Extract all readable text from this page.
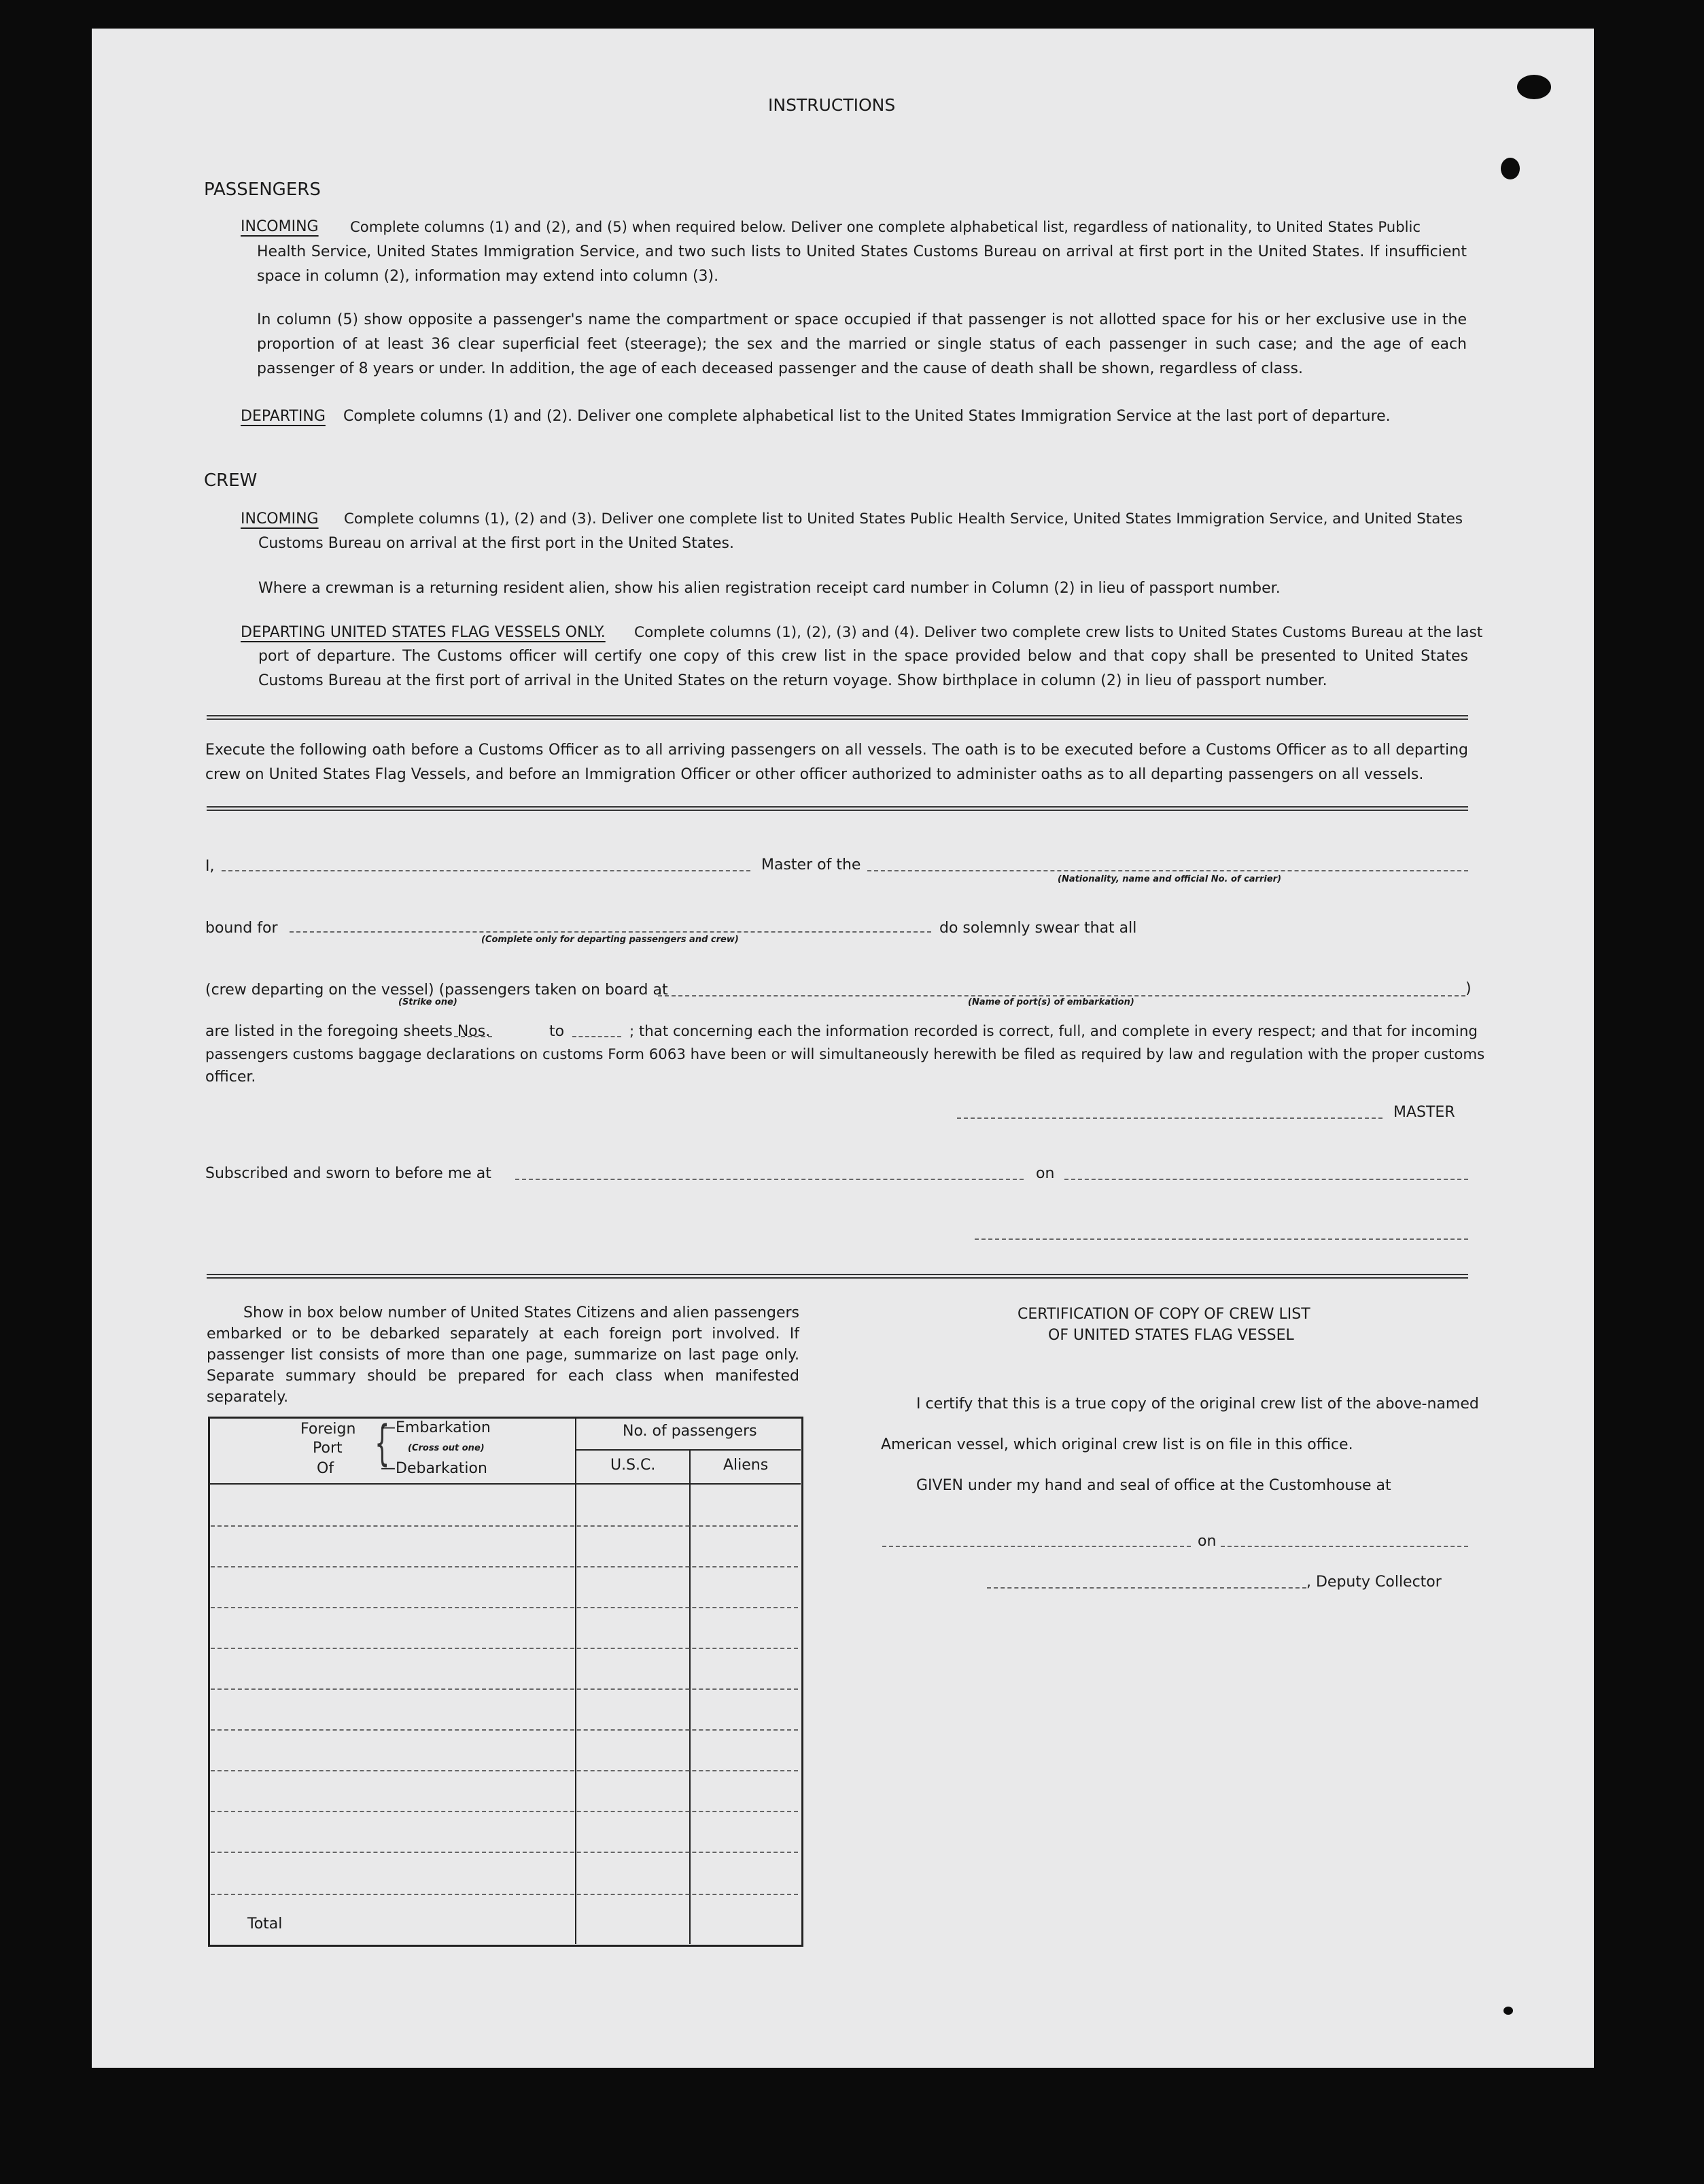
INSTRUCTIONS
PASSENGERS
INCOMING Complete columns (1) and (2), and (5) when required below. Deliver one complete alphabetical list, regardless of nationality, to United States Public
Health Service, United States Immigration Service, and two such lists to United States Customs Bureau on arrival at first port in the United States. If insufficient space in column (2), information may extend into column (3).
In column (5) show opposite a passenger's name the compartment or space occupied if that passenger is not allotted space for his or her exclusive use in the proportion of at least 36 clear superficial feet (steerage); the sex and the married or single status of each passenger in such case; and the age of each passenger of 8 years or under. In addition, the age of each deceased passenger and the cause of death shall be shown, regardless of class.
DEPARTING Complete columns (1) and (2). Deliver one complete alphabetical list to the United States Immigration Service at the last port of departure.
CREW
INCOMING Complete columns (1), (2) and (3). Deliver one complete list to United States Public Health Service, United States Immigration Service, and United States
Customs Bureau on arrival at the first port in the United States.
Where a crewman is a returning resident alien, show his alien registration receipt card number in Column (2) in lieu of passport number.
DEPARTING UNITED STATES FLAG VESSELS ONLY. Complete columns (1), (2), (3) and (4). Deliver two complete crew lists to United States Customs Bureau at the last
port of departure. The Customs officer will certify one copy of this crew list in the space provided below and that copy shall be presented to United States Customs Bureau at the first port of arrival in the United States on the return voyage. Show birthplace in column (2) in lieu of passport number.
Execute the following oath before a Customs Officer as to all arriving passengers on all vessels. The oath is to be executed before a Customs Officer as to all departing crew on United States Flag Vessels, and before an Immigration Officer or other officer authorized to administer oaths as to all departing passengers on all vessels.
I,	Master of the
(Nationality, name and official No. of carrier)
bound for
(Complete only for departing passengers and crew)
do solemnly swear that all
(crew departing on the vessel) (passengers taken on board at	)
(Strike one)	(Name of port(s) of embarkation)
are listed in the foregoing sheets Nos.	to	; that concerning each the information recorded is correct, full, and complete in every respect; and that for incoming
passengers customs baggage declarations on customs Form 6063 have been or will simultaneously herewith be filed as required by law and regulation with the proper customs
officer.
MASTER
Subscribed and sworn to before me at	on
Show in box below number of United States Citizens and alien passengers embarked or to be debarked separately at each foreign port involved. If passenger list consists of more than one page, summarize on last page only. Separate summary should be prepared for each class when manifested separately.
Foreign
Port
Of {
—Embarkation
(Cross out one)
—Debarkation
No. of passengers
U.S.C.	Aliens
Total
CERTIFICATION OF COPY OF CREW LIST
OF UNITED STATES FLAG VESSEL
I certify that this is a true copy of the original crew list of the above-named
American vessel, which original crew list is on file in this office.
GIVEN under my hand and seal of office at the Customhouse at
on
, Deputy Collector
